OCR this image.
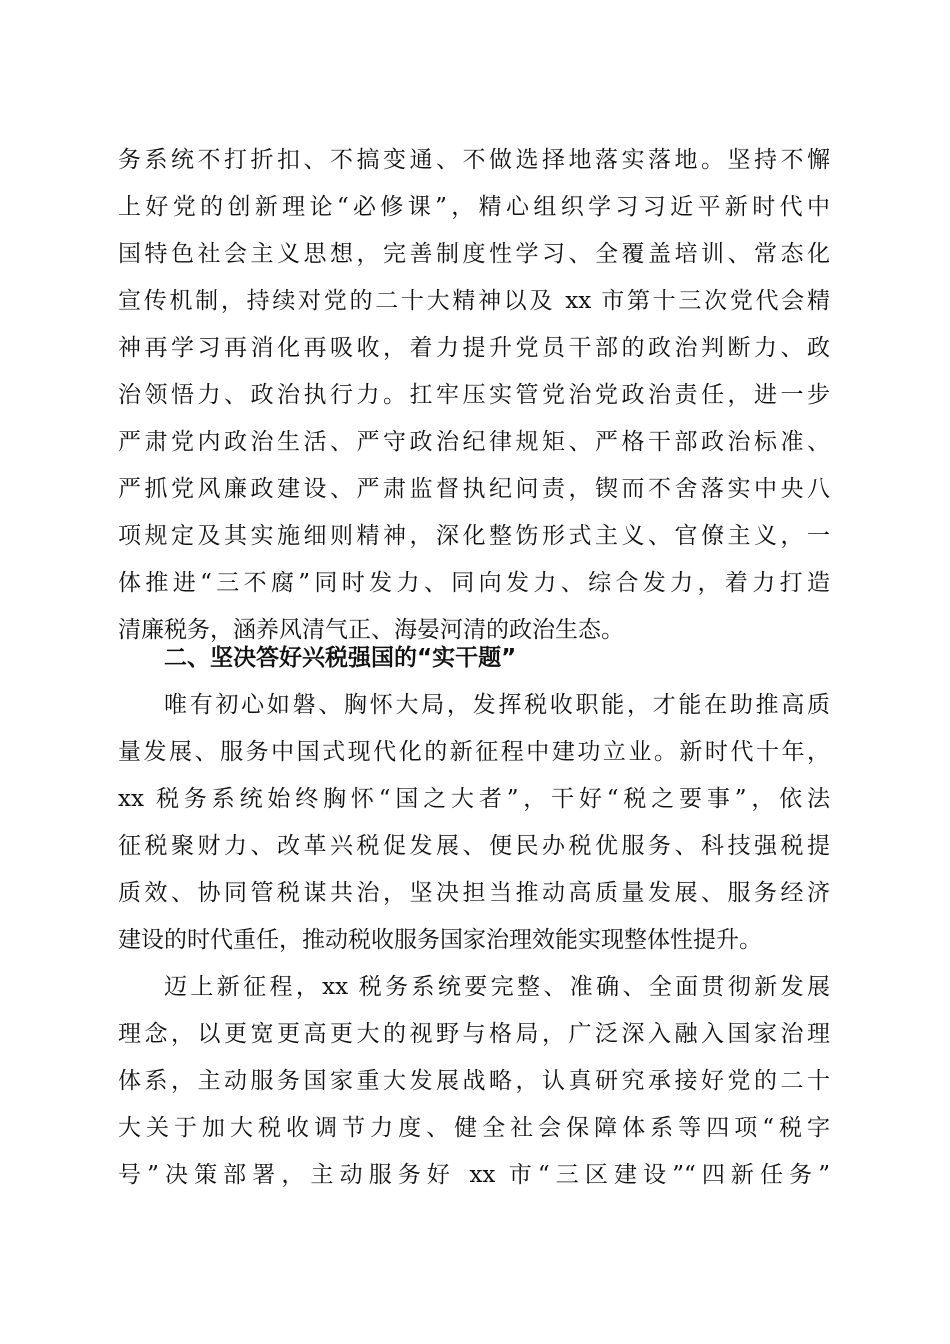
务系统不打折扣、不搞变通、不做选择地落实落地。坚持不懈
上好党的创新理论“必修课”，精心组织学习习近平新时代中
国特色社会主义思想，完善制度性学习、全覆盖培训、常态化
宣传机制，持续对党的二十大精神以及 xx 市第十三次党代会精
神再学习再消化再吸收，着力提升党员干部的政治判断力、政
治领悟力、政治执行力。扛牢压实管党治党政治责任，进一步
严肃党内政治生活、严守政治纪律规矩、严格干部政治标准、
严抓党风廉政建设、严肃监督执纪问责，锲而不舍落实中央八
项规定及其实施细则精神，深化整饬形式主义、官僚主义，一
体推进“三不腐”同时发力、同向发力、综合发力，着力打造
清廉税务，涵养风清气正、海晏河清的政治生态。
二、坚决答好兴税强国的“实干题”
唯有初心如磐、胸怀大局，发挥税收职能，才能在助推高质
量发展、服务中国式现代化的新征程中建功立业。新时代十年，
xx 税务系统始终胸怀“国之大者”，干好“税之要事”，依法
征税聚财力、改革兴税促发展、便民办税优服务、科技强税提
质效、协同管税谋共治，坚决担当推动高质量发展、服务经济
建设的时代重任，推动税收服务国家治理效能实现整体性提升。
迈上新征程，xx 税务系统要完整、准确、全面贯彻新发展
理念，以更宽更高更大的视野与格局，广泛深入融入国家治理
体系，主动服务国家重大发展战略，认真研究承接好党的二十
大关于加大税收调节力度、健全社会保障体系等四项“税字
号”决策部署，主动服务好 xx 市“三区建设”“四新任务”
